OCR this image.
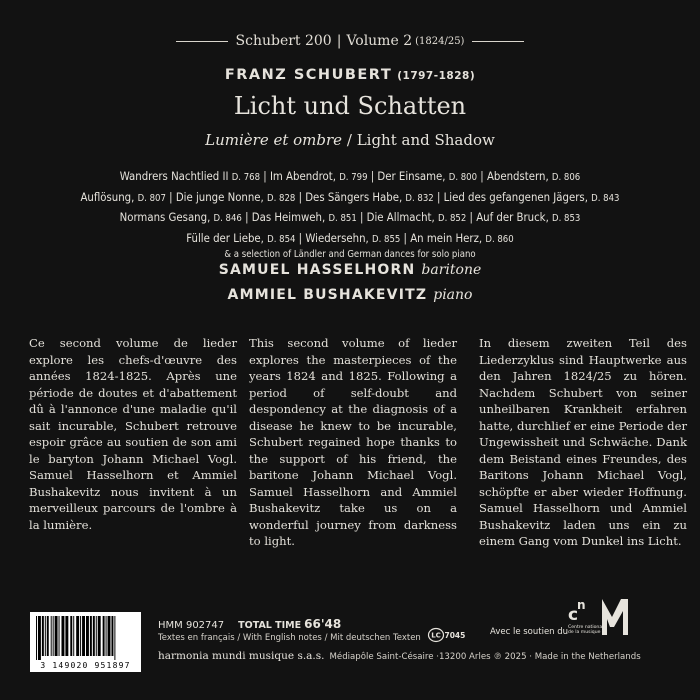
Schubert 200 | Volume 2 (1824/25)
FRANZ SCHUBERT (1797-1828)
Licht und Schatten
Lumière et ombre / Light and Shadow
Wandrers Nachtlied II D. 768 | Im Abendrot, D. 799 | Der Einsame, D. 800 | Abendstern, D. 806
Auflösung, D. 807 | Die junge Nonne, D. 828 | Des Sängers Habe, D. 832 | Lied des gefangenen Jägers, D. 843
Normans Gesang, D. 846 | Das Heimweh, D. 851 | Die Allmacht, D. 852 | Auf der Bruck, D. 853
Fülle der Liebe, D. 854 | Wiedersehn, D. 855 | An mein Herz, D. 860
& a selection of Ländler and German dances for solo piano
SAMUEL HASSELHORN baritone
AMMIEL BUSHAKEVITZ piano
Ce second volume de lieder explore les chefs-d'œuvre des années 1824-1825. Après une période de doutes et d'abattement dû à l'annonce d'une maladie qu'il sait incurable, Schubert retrouve espoir grâce au soutien de son ami le baryton Johann Michael Vogl. Samuel Hasselhorn et Ammiel Bushakevitz nous invitent à un merveilleux parcours de l'ombre à la lumière.
This second volume of lieder explores the masterpieces of the years 1824 and 1825. Following a period of self-doubt and despondency at the diagnosis of a disease he knew to be incurable, Schubert regained hope thanks to the support of his friend, the baritone Johann Michael Vogl. Samuel Hasselhorn and Ammiel Bushakevitz take us on a wonderful journey from darkness to light.
In diesem zweiten Teil des Liederzyklus sind Hauptwerke aus den Jahren 1824/25 zu hören. Nachdem Schubert von seiner unheilbaren Krankheit erfahren hatte, durchlief er eine Periode der Ungewissheit und Schwäche. Dank dem Beistand eines Freundes, des Baritons Johann Michael Vogl, schöpfte er aber wieder Hoffnung. Samuel Hasselhorn und Ammiel Bushakevitz laden uns ein zu einem Gang vom Dunkel ins Licht.
3 149020 951897
HMM 902747 TOTAL TIME 66'48
Textes en français / With English notes / Mit deutschen Texten LC 7045
harmonia mundi musique s.a.s. Médiapôle Saint-Césaire ·13200 Arles ℗ 2025 · Made in the Netherlands
Avec le soutien du
c
n
Centre national
de la musique
